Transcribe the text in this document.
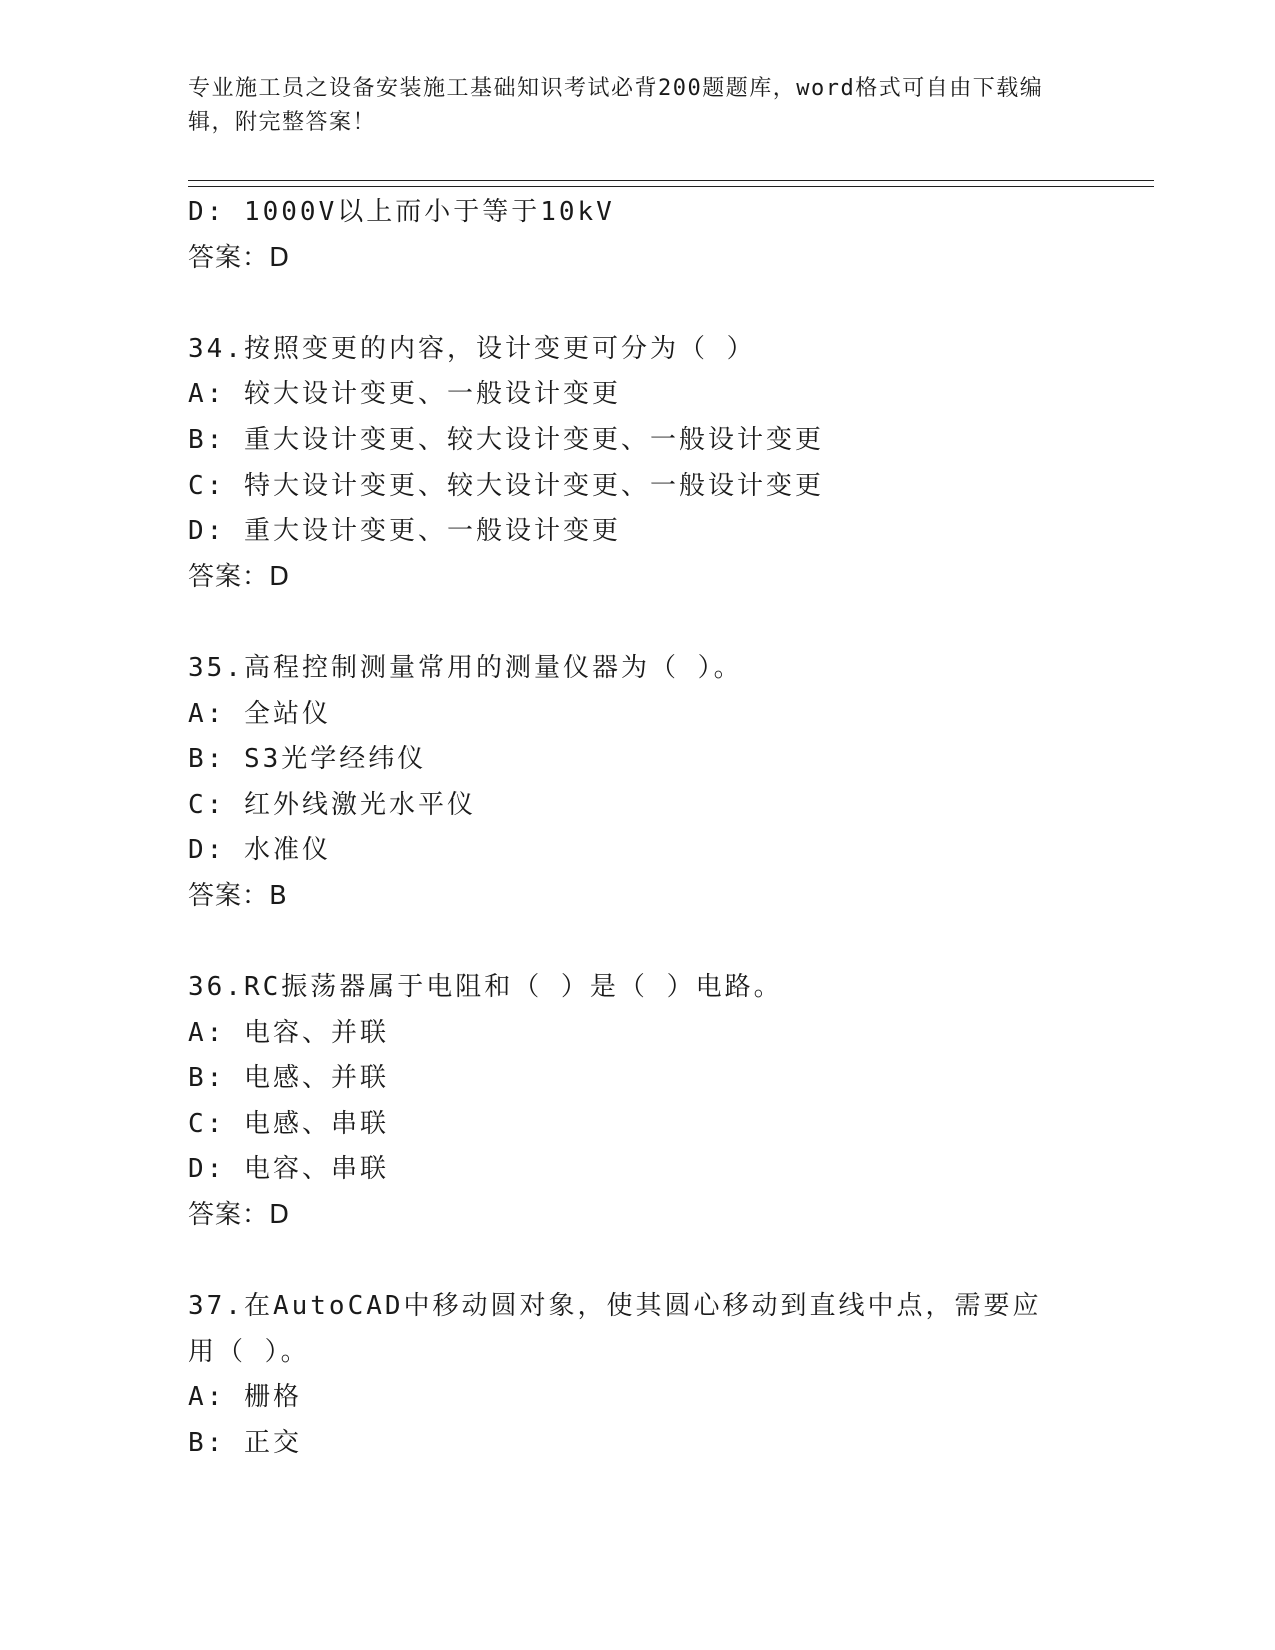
专业施工员之设备安装施工基础知识考试必背200题题库，word格式可自由下载编辑，附完整答案！
D: 1000V以上而小于等于10kV
答案：D
34.按照变更的内容，设计变更可分为（ ）
A: 较大设计变更、一般设计变更
B: 重大设计变更、较大设计变更、一般设计变更
C: 特大设计变更、较大设计变更、一般设计变更
D: 重大设计变更、一般设计变更
答案：D
35.高程控制测量常用的测量仪器为（ ）。
A: 全站仪
B: S3光学经纬仪
C: 红外线激光水平仪
D: 水准仪
答案：B
36.RC振荡器属于电阻和（ ）是（ ）电路。
A: 电容、并联
B: 电感、并联
C: 电感、串联
D: 电容、串联
答案：D
37.在AutoCAD中移动圆对象，使其圆心移动到直线中点，需要应用（ ）。
A: 栅格
B: 正交
